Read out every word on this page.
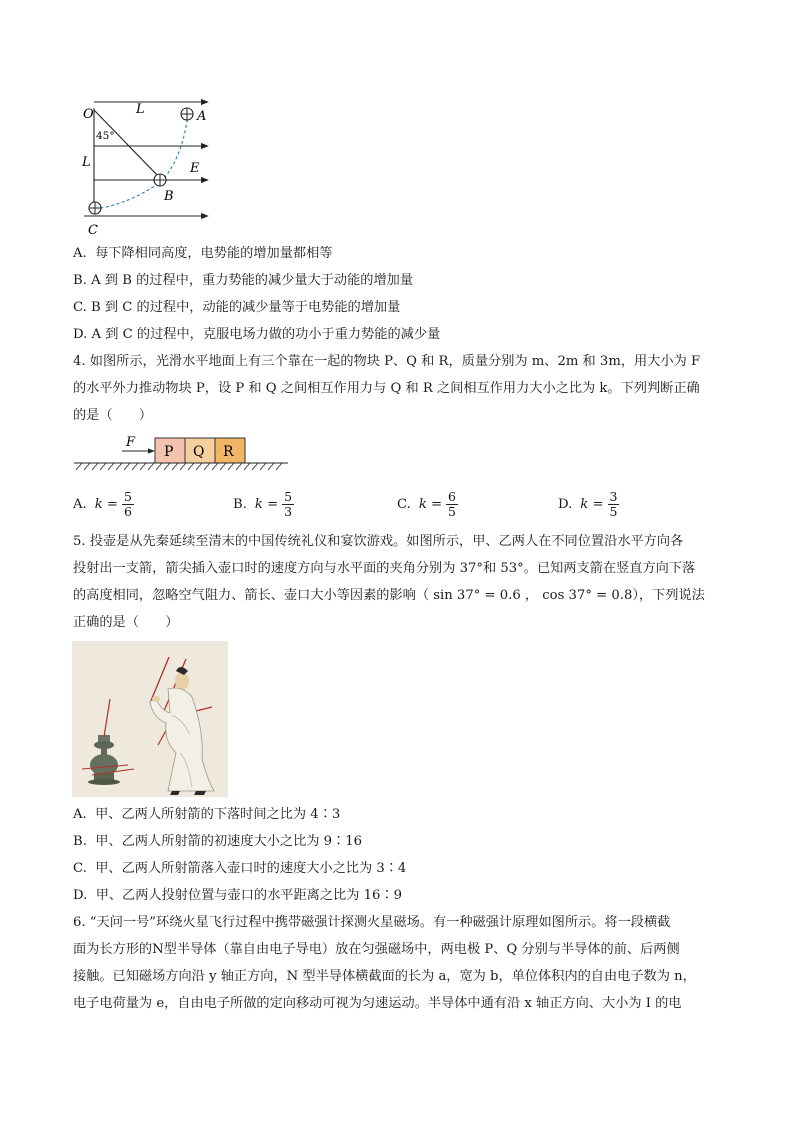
O	L	A
45°
L	E
B
C
A. 每下降相同高度，电势能的增加量都相等
B. A 到 B 的过程中，重力势能的减少量大于动能的增加量
C. B 到 C 的过程中，动能的减少量等于电势能的增加量
D. A 到 C 的过程中，克服电场力做的功小于重力势能的减少量
4. 如图所示，光滑水平地面上有三个靠在一起的物块 P、Q 和 R，质量分别为 m、2m 和 3m，用大小为 F
的水平外力推动物块 P，设 P 和 Q 之间相互作用力与 Q 和 R 之间相互作用力大小之比为 k。下列判断正确
的是（　　）
F
P Q R
A. $k = \frac{5}{6}$	B. $k = \frac{5}{3}$	C. $k = \frac{6}{5}$	D. $k = \frac{3}{5}$
5. 投壶是从先秦延续至清末的中国传统礼仪和宴饮游戏。如图所示，甲、乙两人在不同位置沿水平方向各
投射出一支箭，箭尖插入壶口时的速度方向与水平面的夹角分别为 37°和 53°。已知两支箭在竖直方向下落
的高度相同，忽略空气阻力、箭长、壶口大小等因素的影响（ sin 37° = 0.6 ， cos 37° = 0.8），下列说法
正确的是（　　）
A. 甲、乙两人所射箭的下落时间之比为 4∶3
B. 甲、乙两人所射箭的初速度大小之比为 9∶16
C. 甲、乙两人所射箭落入壶口时的速度大小之比为 3∶4
D. 甲、乙两人投射位置与壶口的水平距离之比为 16∶9
6. “天问一号”环绕火星飞行过程中携带磁强计探测火星磁场。有一种磁强计原理如图所示。将一段横截
面为长方形的N型半导体（靠自由电子导电）放在匀强磁场中，两电极 P、Q 分别与半导体的前、后两侧
接触。已知磁场方向沿 y 轴正方向，N 型半导体横截面的长为 a，宽为 b，单位体积内的自由电子数为 n，
电子电荷量为 e，自由电子所做的定向移动可视为匀速运动。半导体中通有沿 x 轴正方向、大小为 I 的电
